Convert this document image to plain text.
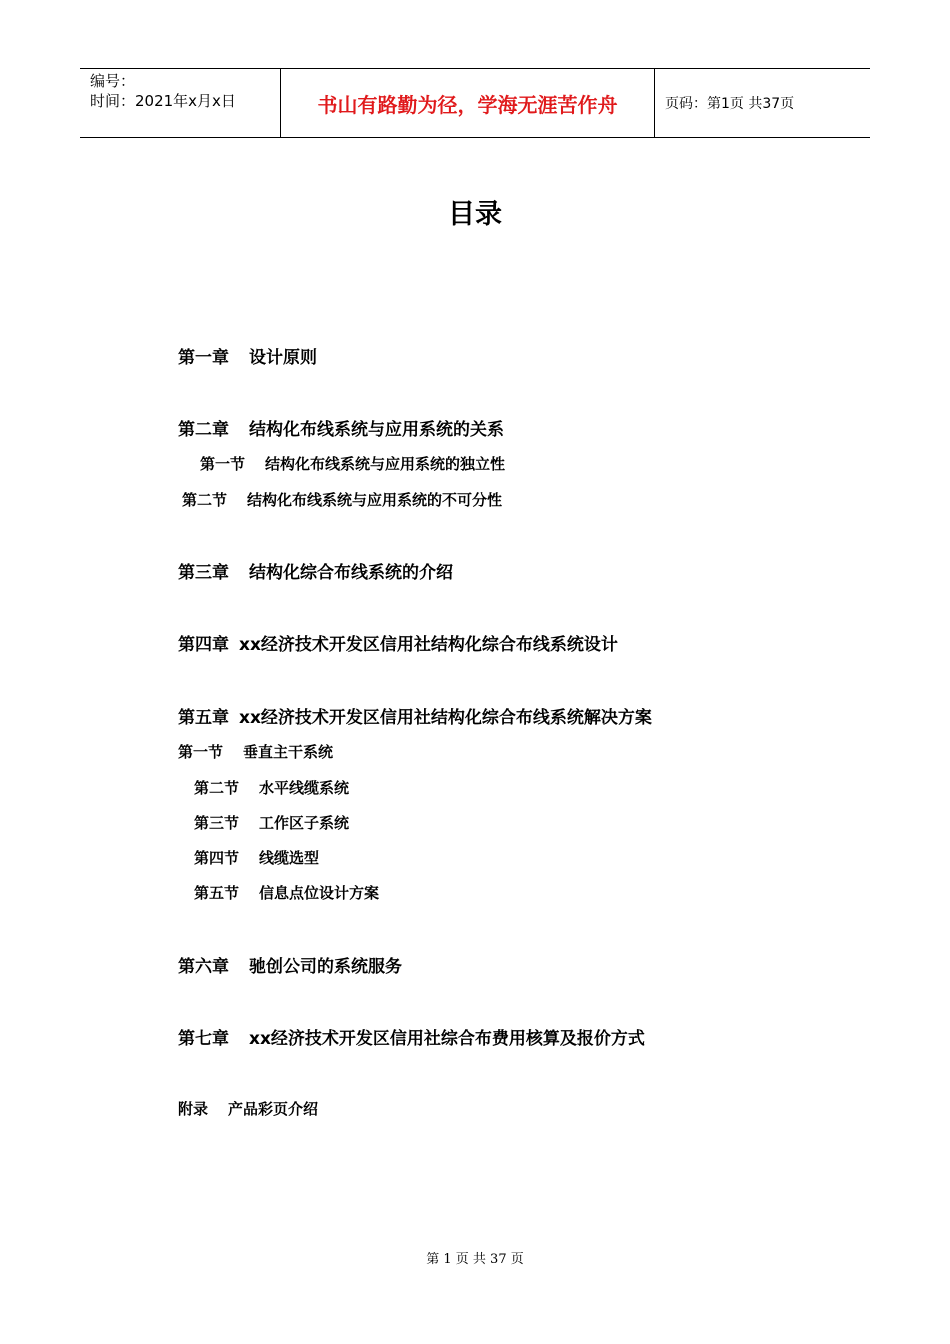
编号：
时间：2021年x月x日	书山有路勤为径，学海无涯苦作舟	页码：第1页 共37页
目录
第一章 设计原则
第二章 结构化布线系统与应用系统的关系
第一节 结构化布线系统与应用系统的独立性
第二节 结构化布线系统与应用系统的不可分性
第三章 结构化综合布线系统的介绍
第四章 xx经济技术开发区信用社结构化综合布线系统设计
第五章 xx经济技术开发区信用社结构化综合布线系统解决方案
第一节 垂直主干系统
第二节 水平线缆系统
第三节 工作区子系统
第四节 线缆选型
第五节 信息点位设计方案
第六章 驰创公司的系统服务
第七章 xx经济技术开发区信用社综合布费用核算及报价方式
附录 产品彩页介绍
第 1 页 共 37 页
